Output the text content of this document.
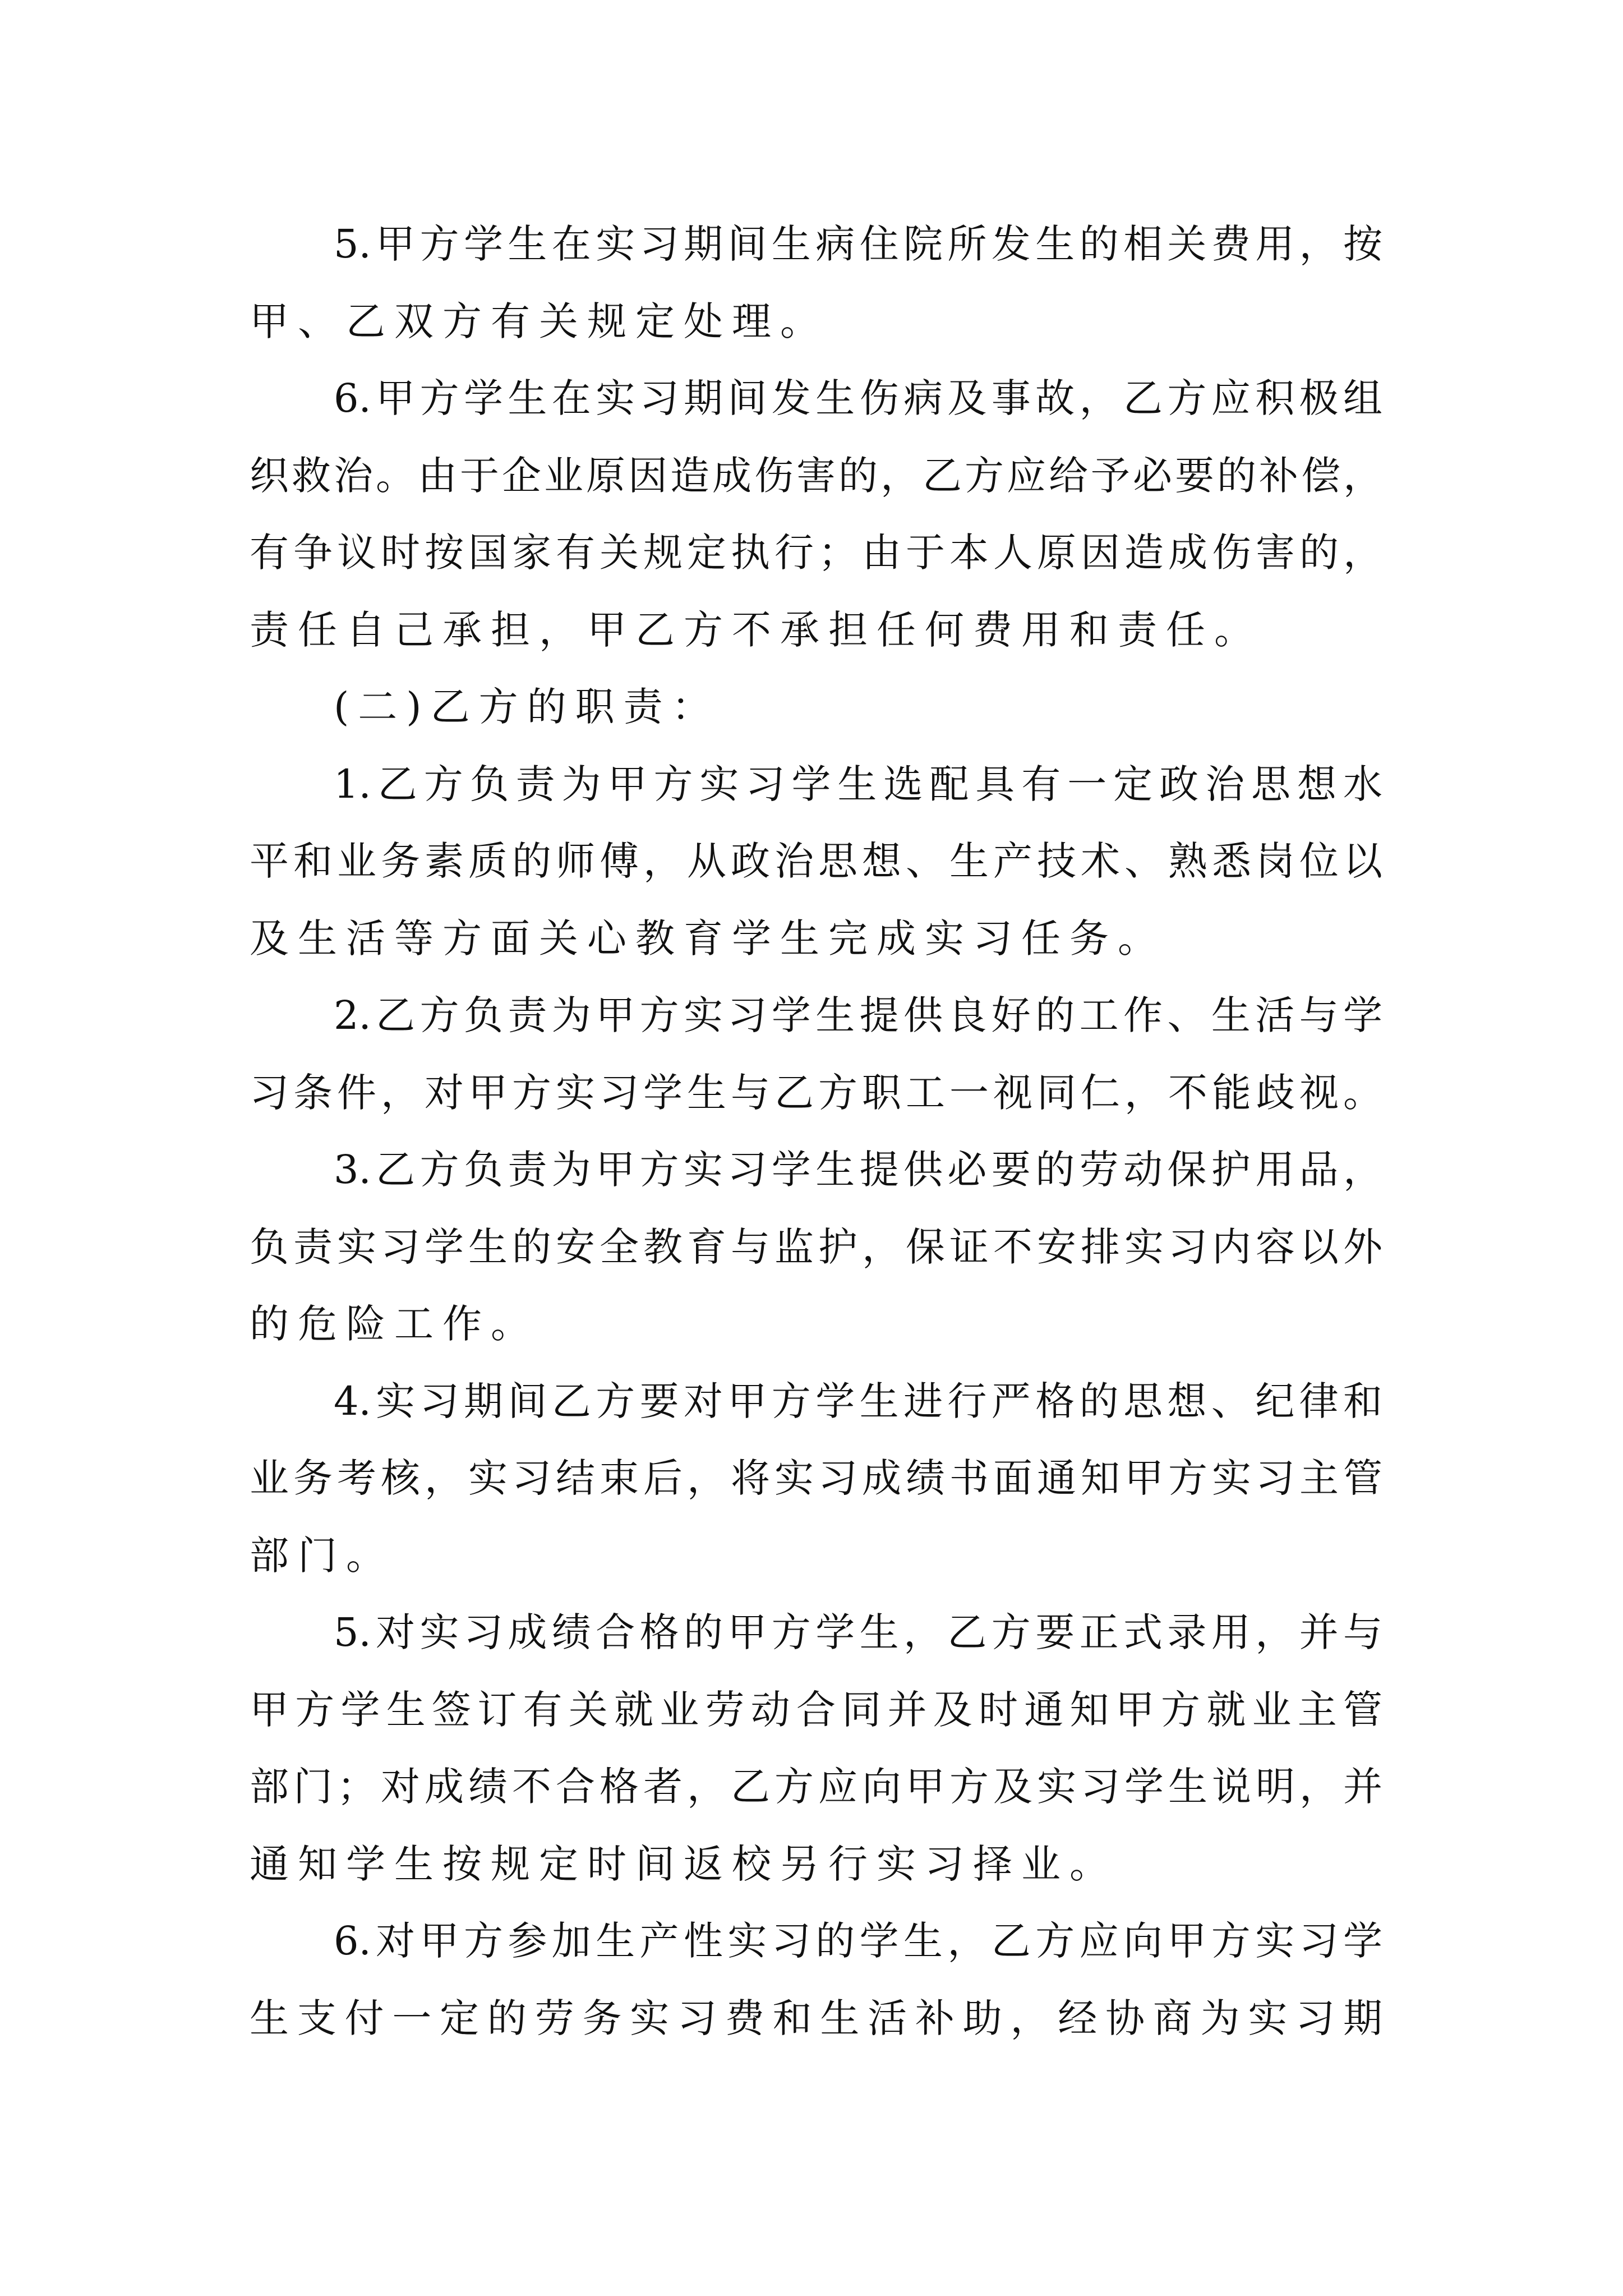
5.甲方学生在实习期间生病住院所发生的相关费用，按
甲、乙双方有关规定处理。
6.甲方学生在实习期间发生伤病及事故，乙方应积极组
织救治。由于企业原因造成伤害的，乙方应给予必要的补偿，
有争议时按国家有关规定执行；由于本人原因造成伤害的，
责任自己承担，甲乙方不承担任何费用和责任。
(二)乙方的职责：
1.乙方负责为甲方实习学生选配具有一定政治思想水
平和业务素质的师傅，从政治思想、生产技术、熟悉岗位以
及生活等方面关心教育学生完成实习任务。
2.乙方负责为甲方实习学生提供良好的工作、生活与学
习条件，对甲方实习学生与乙方职工一视同仁，不能歧视。
3.乙方负责为甲方实习学生提供必要的劳动保护用品，
负责实习学生的安全教育与监护，保证不安排实习内容以外
的危险工作。
4.实习期间乙方要对甲方学生进行严格的思想、纪律和
业务考核，实习结束后，将实习成绩书面通知甲方实习主管
部门。
5.对实习成绩合格的甲方学生，乙方要正式录用，并与
甲方学生签订有关就业劳动合同并及时通知甲方就业主管
部门；对成绩不合格者，乙方应向甲方及实习学生说明，并
通知学生按规定时间返校另行实习择业。
6.对甲方参加生产性实习的学生，乙方应向甲方实习学
生支付一定的劳务实习费和生活补助，经协商为实习期
